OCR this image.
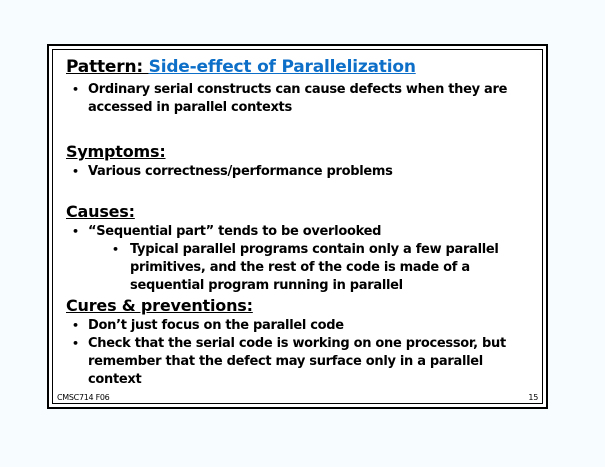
Pattern: Side-effect of Parallelization
• Ordinary serial constructs can cause defects when they are accessed in parallel contexts
Symptoms:
• Various correctness/performance problems
Causes:
• “Sequential part” tends to be overlooked
• Typical parallel programs contain only a few parallel primitives, and the rest of the code is made of a sequential program running in parallel
Cures & preventions:
• Don’t just focus on the parallel code
• Check that the serial code is working on one processor, but remember that the defect may surface only in a parallel context
CMSC714 F06	15
